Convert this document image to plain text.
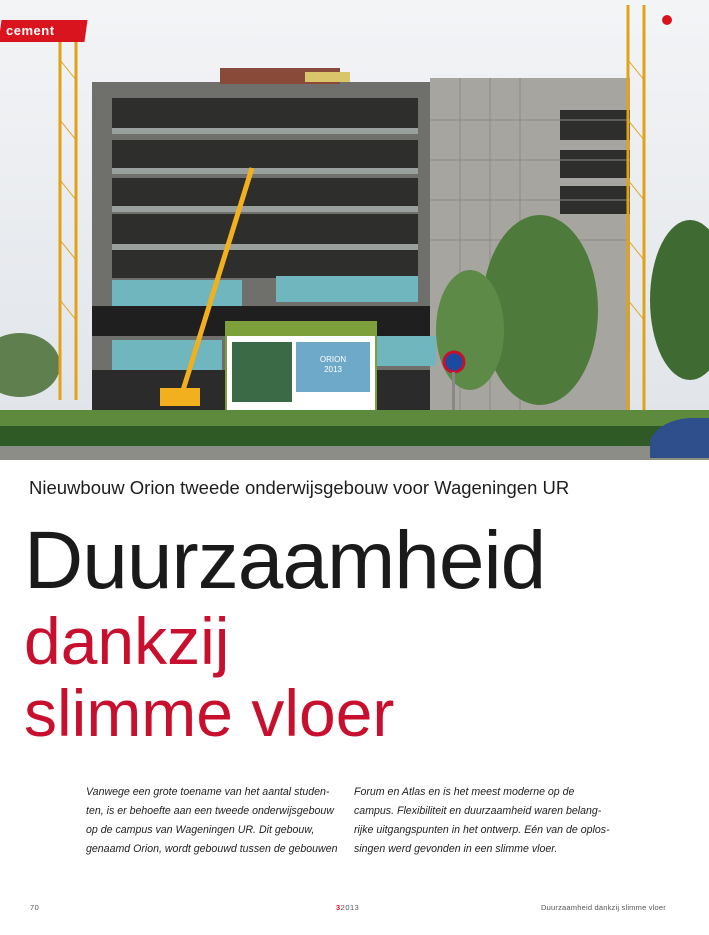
ORION
2013
cement
Nieuwbouw Orion tweede onderwijsgebouw voor Wageningen UR
Duurzaamheid
dankzij
slimme vloer
Vanwege een grote toename van het aantal studen-
ten, is er behoefte aan een tweede onderwijsgebouw
op de campus van Wageningen UR. Dit gebouw,
genaamd Orion, wordt gebouwd tussen de gebouwen
Forum en Atlas en is het meest moderne op de
campus. Flexibiliteit en duurzaamheid waren belang-
rijke uitgangspunten in het ontwerp. Eén van de oplos-
singen werd gevonden in een slimme vloer.
70	32013	Duurzaamheid dankzij slimme vloer
